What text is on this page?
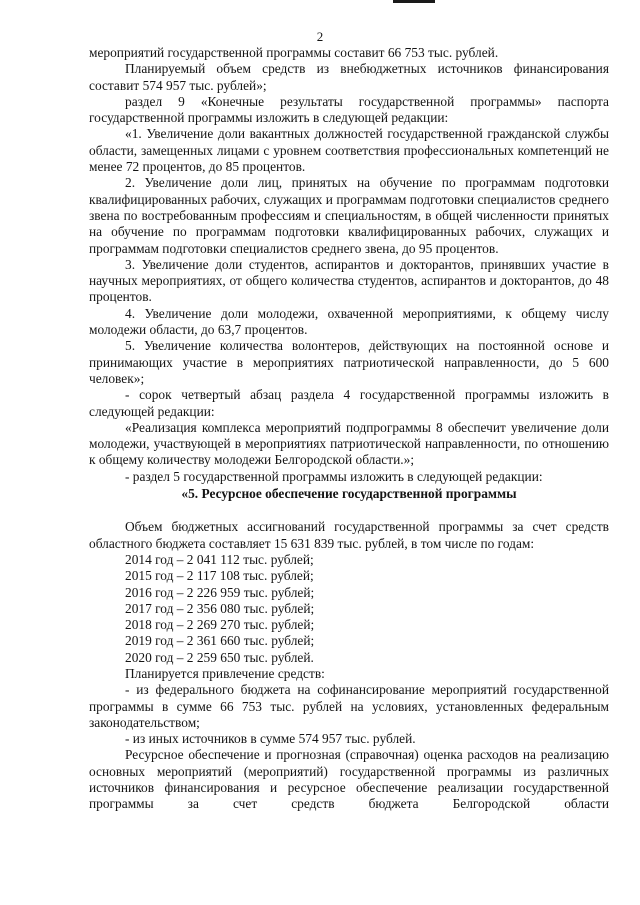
2

мероприятий государственной программы составит 66 753 тыс. рублей.

Планируемый объем средств из внебюджетных источников финансирования составит 574 957 тыс. рублей»;

раздел 9 «Конечные результаты государственной программы» паспорта государственной программы изложить в следующей редакции:

«1. Увеличение доли вакантных должностей государственной гражданской службы области, замещенных лицами с уровнем соответствия профессиональных компетенций не менее 72 процентов, до 85 процентов.

2. Увеличение доли лиц, принятых на обучение по программам подготовки квалифицированных рабочих, служащих и программам подготовки специалистов среднего звена по востребованным профессиям и специальностям, в общей численности принятых на обучение по программам подготовки квалифицированных рабочих, служащих и программам подготовки специалистов среднего звена, до 95 процентов.

3. Увеличение доли студентов, аспирантов и докторантов, принявших участие в научных мероприятиях, от общего количества студентов, аспирантов и докторантов, до 48 процентов.

4. Увеличение доли молодежи, охваченной мероприятиями, к общему числу молодежи области, до 63,7 процентов.

5. Увеличение количества волонтеров, действующих на постоянной основе и принимающих участие в мероприятиях патриотической направленности, до 5 600 человек»;

- сорок четвертый абзац раздела 4 государственной программы изложить в следующей редакции:

«Реализация комплекса мероприятий подпрограммы 8 обеспечит увеличение доли молодежи, участвующей в мероприятиях патриотической направленности, по отношению к общему количеству молодежи Белгородской области.»;

- раздел 5 государственной программы изложить в следующей редакции:

«5. Ресурсное обеспечение государственной программы

Объем бюджетных ассигнований государственной программы за счет средств областного бюджета составляет 15 631 839 тыс. рублей, в том числе по годам:

2014 год – 2 041 112 тыс. рублей;
2015 год – 2 117 108 тыс. рублей;
2016 год – 2 226 959 тыс. рублей;
2017 год – 2 356 080 тыс. рублей;
2018 год – 2 269 270 тыс. рублей;
2019 год – 2 361 660 тыс. рублей;
2020 год – 2 259 650 тыс. рублей.

Планируется привлечение средств:

- из федерального бюджета на софинансирование мероприятий государственной программы в сумме 66 753 тыс. рублей на условиях, установленных федеральным законодательством;

- из иных источников в сумме 574 957 тыс. рублей.

Ресурсное обеспечение и прогнозная (справочная) оценка расходов на реализацию основных мероприятий (мероприятий) государственной программы из различных источников финансирования и ресурсное обеспечение реализации государственной программы за счет средств бюджета Белгородской области
